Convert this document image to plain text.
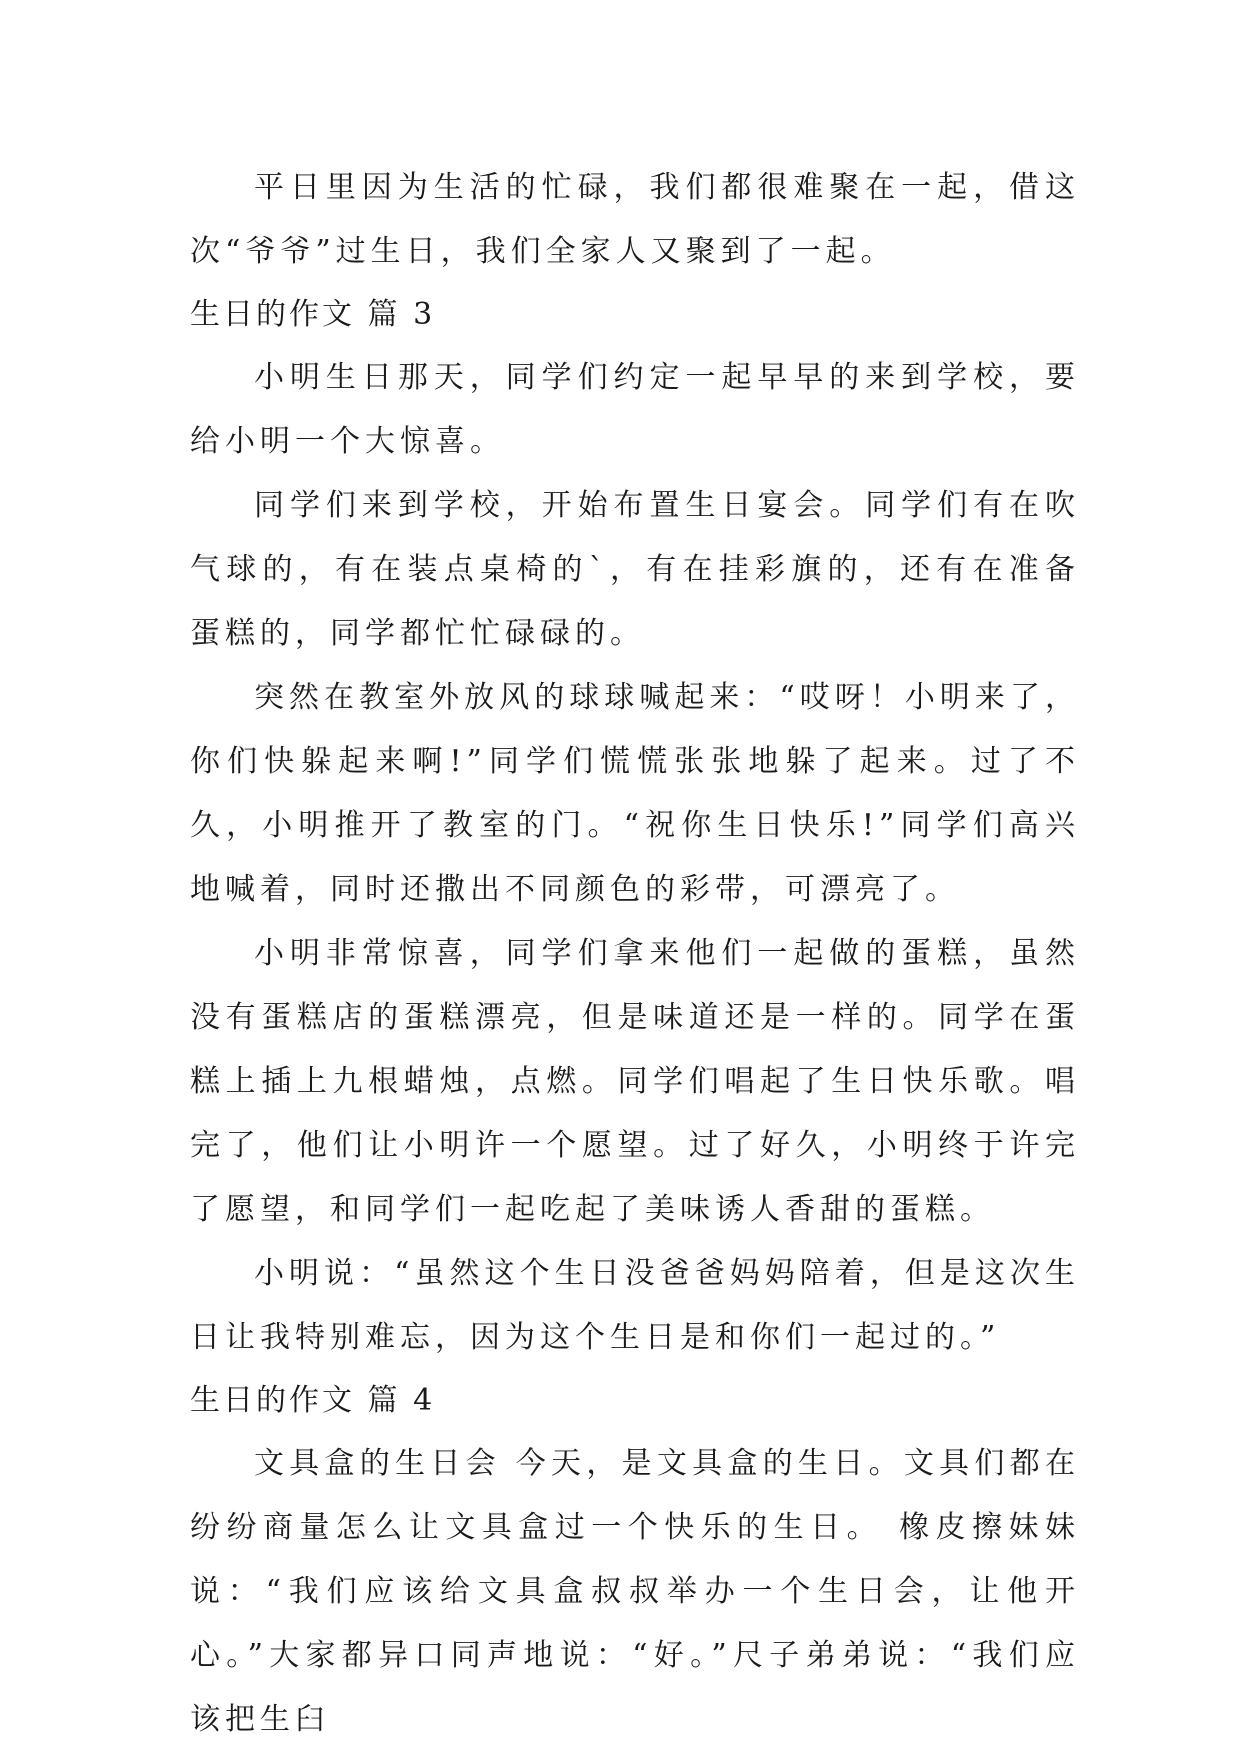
平日里因为生活的忙碌，我们都很难聚在一起，借这次“爷爷”过生日，我们全家人又聚到了一起。

生日的作文 篇 3

小明生日那天，同学们约定一起早早的来到学校，要给小明一个大惊喜。

同学们来到学校，开始布置生日宴会。同学们有在吹气球的，有在装点桌椅的`，有在挂彩旗的，还有在准备蛋糕的，同学都忙忙碌碌的。

突然在教室外放风的球球喊起来：“哎呀！小明来了，你们快躲起来啊!”同学们慌慌张张地躲了起来。过了不久，小明推开了教室的门。“祝你生日快乐!”同学们高兴地喊着，同时还撒出不同颜色的彩带，可漂亮了。

小明非常惊喜，同学们拿来他们一起做的蛋糕，虽然没有蛋糕店的蛋糕漂亮，但是味道还是一样的。同学在蛋糕上插上九根蜡烛，点燃。同学们唱起了生日快乐歌。唱完了，他们让小明许一个愿望。过了好久，小明终于许完了愿望，和同学们一起吃起了美味诱人香甜的蛋糕。

小明说：“虽然这个生日没爸爸妈妈陪着，但是这次生日让我特别难忘，因为这个生日是和你们一起过的。”

生日的作文 篇 4

文具盒的生日会 今天，是文具盒的生日。文具们都在纷纷商量怎么让文具盒过一个快乐的生日。 橡皮擦妹妹说：“我们应该给文具盒叔叔举办一个生日会，让他开心。”大家都异口同声地说：“好。”尺子弟弟说：“我们应该把生臼
